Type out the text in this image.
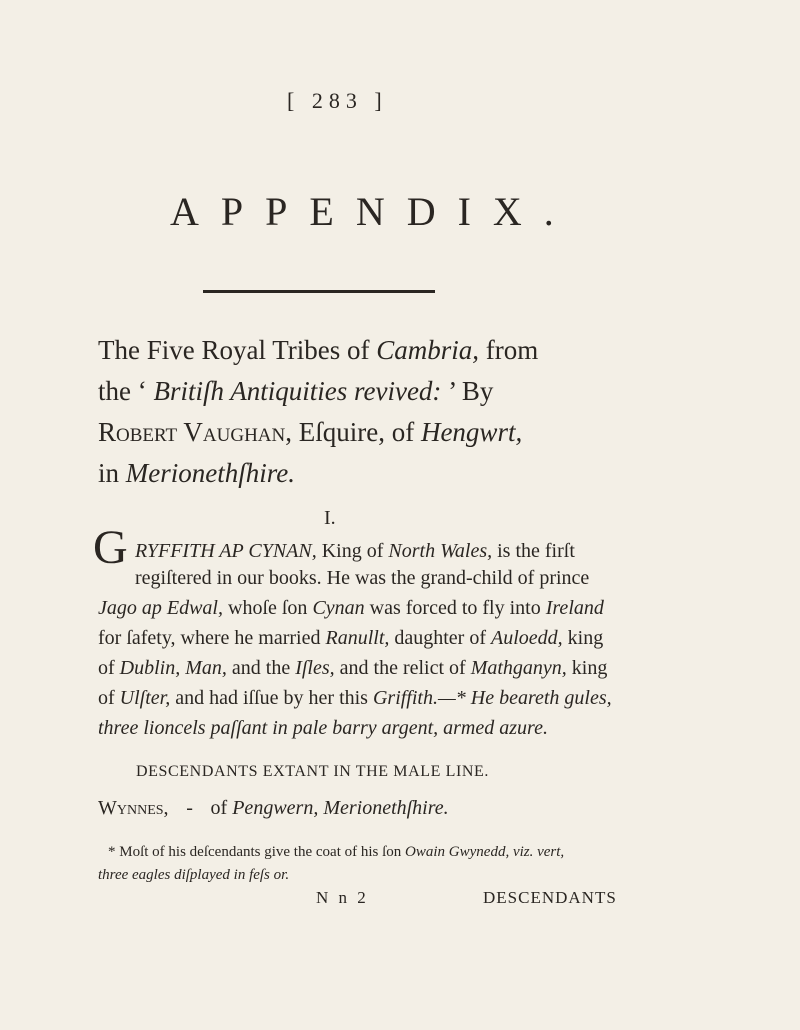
[ 283 ]
APPENDIX.
The Five Royal Tribes of Cambria, from
the ‘ Britiſh Antiquities revived: ’ By
Robert Vaughan, Eſquire, of Hengwrt,
in Merionethſhire.
I.
G RYFFITH AP CYNAN, King of North Wales, is the firſt
regiſtered in our books. He was the grand-child of prince
Jago ap Edwal, whoſe ſon Cynan was forced to fly into Ireland
for ſafety, where he married Ranullt, daughter of Auloedd, king
of Dublin, Man, and the Iſles, and the relict of Mathganyn, king
of Ulſter, and had iſſue by her this Griffith.—* He beareth gules,
three lioncels paſſant in pale barry argent, armed azure.
DESCENDANTS EXTANT IN THE MALE LINE.
Wynnes, - of Pengwern, Merionethſhire.
* Moſt of his deſcendants give the coat of his ſon Owain Gwynedd, viz. vert,
three eagles diſplayed in feſs or.
N n 2	DESCENDANTS
